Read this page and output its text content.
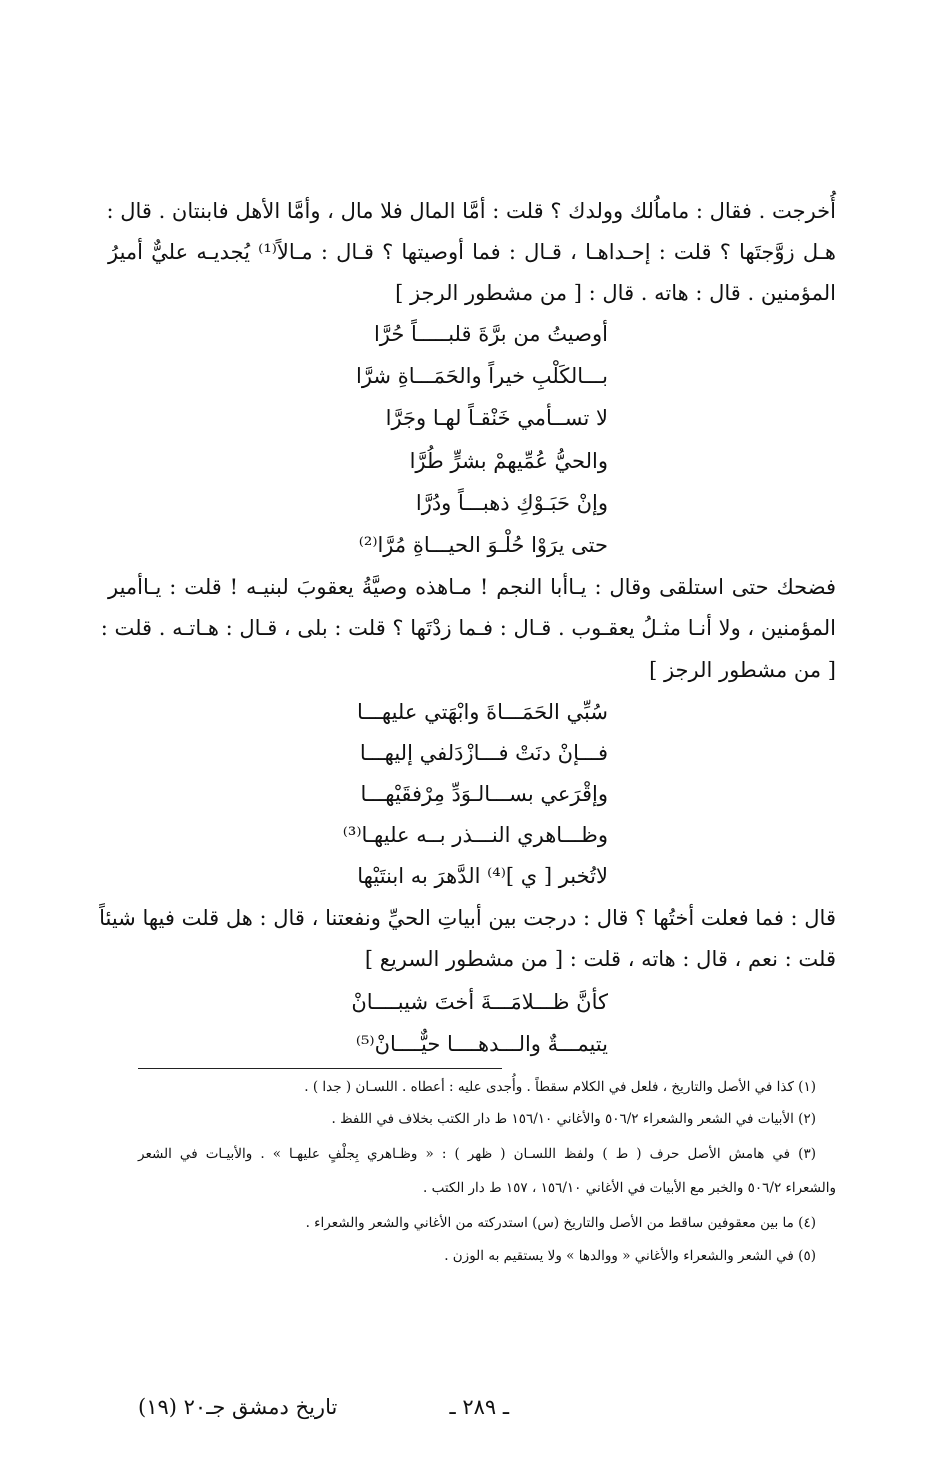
أُخرجت . فقال : ماماُلك وولدك ؟ قلت : أمَّا المال فلا مال ، وأمَّا الأهل فابنتان . قال :
هـل زوَّجتَها ؟ قلت : إحـداهـا ، قـال : فما أوصيتها ؟ قـال : مـالاً⁽¹⁾ يُجديـه عليٌّ أميرُ
المؤمنين . قال : هاته . قال : [ من مشطور الرجز ]
أوصيتُ من برَّةَ قلبـــــاً حُرَّا
بـــالكَلْبِ خيراً والحَمَـــاةِ شرَّا
لا تســأمي خَنْقـاً لهـا وجَرَّا
والحيُّ عُمِّيهمْ بشرٍّ طُرَّا
وإنْ حَبَـوْكِ ذهبـــاً ودُرَّا
حتى يرَوْا حُلْـوَ الحيـــاةِ مُرَّا⁽²⁾
فضحك حتى استلقى وقال : يـاأبا النجم ! مـاهذه وصيَّةُ يعقوبَ لبنيـه ! قلت : يـاأمير
المؤمنين ، ولا أنـا مثـلُ يعقـوب . قـال : فـما زدْتَها ؟ قلت : بلى ، قـال : هـاتـه . قلت :
[ من مشطور الرجز ]
سُبِّي الحَمَـــاةَ وابْهَتي عليهـــا
فـــإنْ دنَتْ فـــازْدَلفي إليهـــا
وإقْرَعي بســـالـوَدِّ مِرْفقَيْهـــا
وظـــاهري النـــذر بــه عليهـا⁽³⁾
لاتُخبر [ ي ]⁽⁴⁾ الدَّهرَ به ابنتَيْها
قال : فما فعلت أختُها ؟ قال : درجت بين أبياتِ الحيِّ ونفعتنا ، قال : هل قلت فيها شيئاً
قلت : نعم ، قال : هاته ، قلت : [ من مشطور السريع ]
كأنَّ ظـــلامَـــةَ أختَ شيبــــانْ
يتيمـــةٌ والـــدهــــا حيٌّــــانْ⁽⁵⁾
(١) كذا في الأصل والتاريخ ، فلعل في الكلام سقطاً . وأُجدى عليه : أعطاه . اللسـان ( جدا ) .
(٢) الأبيات في الشعر والشعراء ٥٠٦/٢ والأغاني ١٥٦/١٠ ط دار الكتب بخلاف في اللفظ .
(٣) في هامش الأصل حرف ( ط ) ولفظ اللسـان ( ظهر ) : « وظـاهري بِجلْفٍ عليهـا » . والأبيـات في الشعر
والشعراء ٥٠٦/٢ والخبر مع الأبيات في الأغاني ١٥٦/١٠ ، ١٥٧ ط دار الكتب .
(٤) ما بين معقوفين ساقط من الأصل والتاريخ (س) استدركته من الأغاني والشعر والشعراء .
(٥) في الشعر والشعراء والأغاني « ووالدها » ولا يستقيم به الوزن .
ـ ٢٨٩ ـ
تاريخ دمشق جـ٢٠ (١٩)
